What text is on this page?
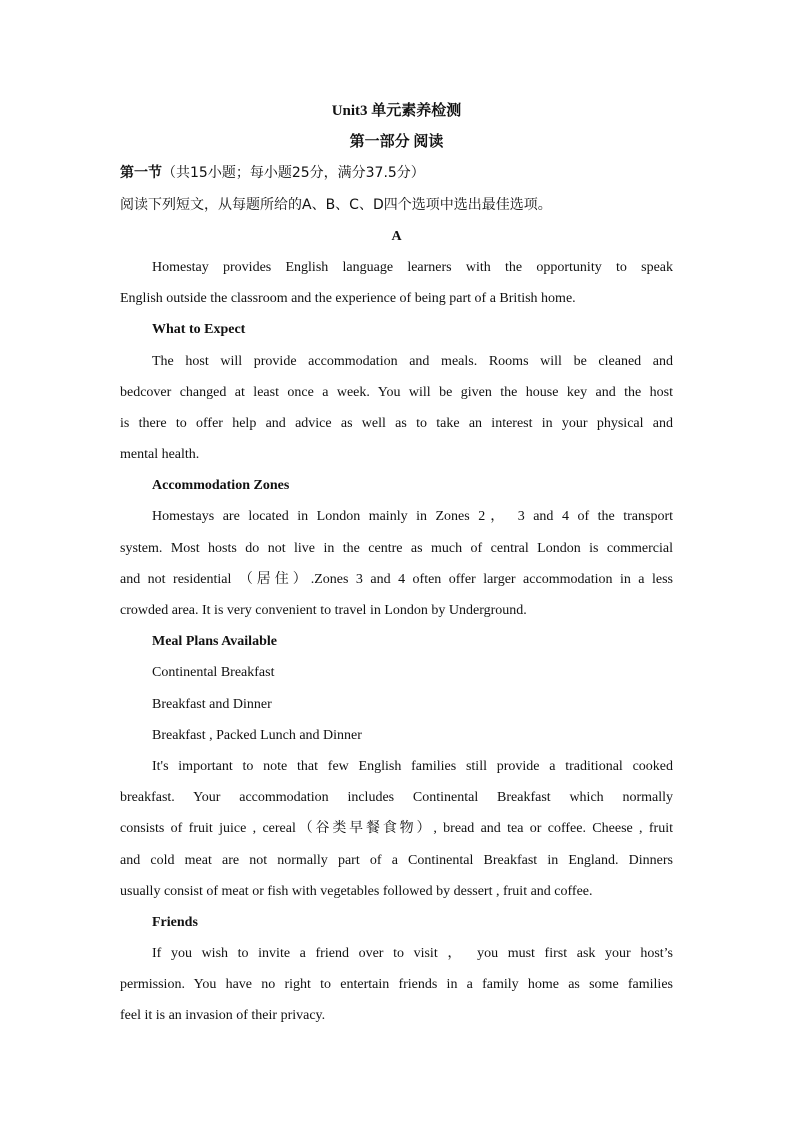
Unit3 单元素养检测
第一部分 阅读
第一节（共15小题；每小题25分，满分37.5分）
阅读下列短文，从每题所给的A、B、C、D四个选项中选出最佳选项。
A
Homestay provides English language learners with the opportunity to speak
English outside the classroom and the experience of being part of a British home.
What to Expect
The host will provide accommodation and meals. Rooms will be cleaned and
bedcover changed at least once a week. You will be given the house key and the host
is there to offer help and advice as well as to take an interest in your physical and
mental health.
Accommodation Zones
Homestays are located in London mainly in Zones 2， 3 and 4 of the transport
system. Most hosts do not live in the centre as much of central London is commercial
and not residential （居住）.Zones 3 and 4 often offer larger accommodation in a less
crowded area. It is very convenient to travel in London by Underground.
Meal Plans Available
Continental Breakfast
Breakfast and Dinner
Breakfast , Packed Lunch and Dinner
It's important to note that few English families still provide a traditional cooked
breakfast. Your accommodation includes Continental Breakfast which normally
consists of fruit juice , cereal（谷类早餐食物）, bread and tea or coffee. Cheese , fruit
and cold meat are not normally part of a Continental Breakfast in England. Dinners
usually consist of meat or fish with vegetables followed by dessert , fruit and coffee.
Friends
If you wish to invite a friend over to visit ， you must first ask your host’s
permission. You have no right to entertain friends in a family home as some families
feel it is an invasion of their privacy.
